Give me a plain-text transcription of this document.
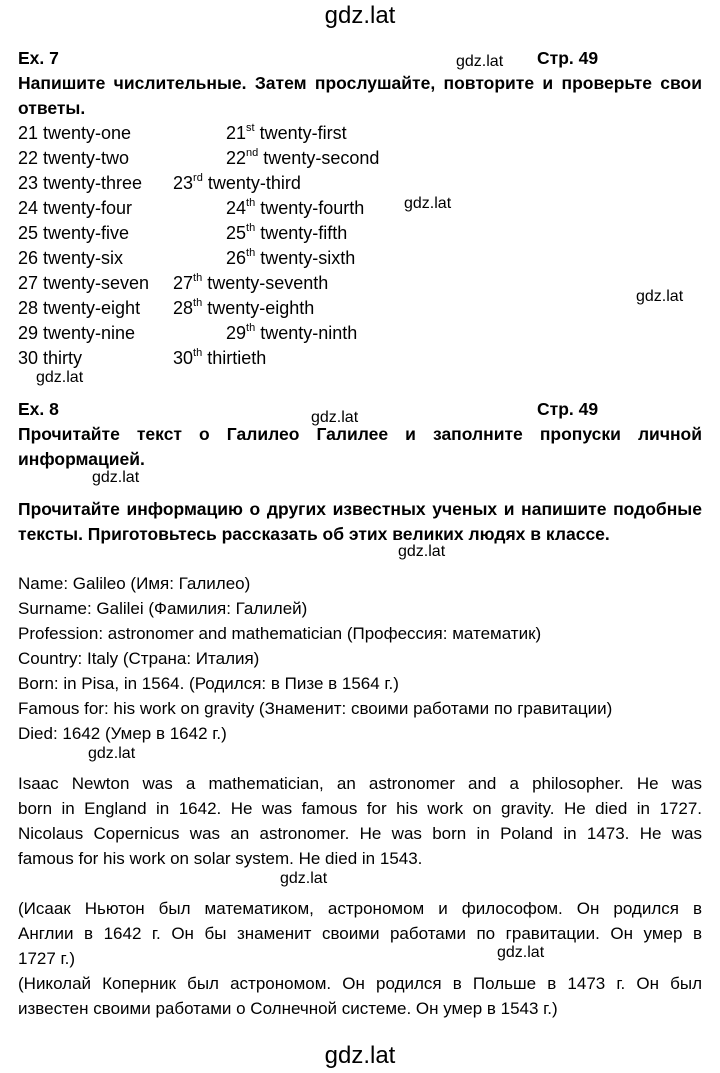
gdz.lat
Ex. 7	gdz.lat Стр. 49
Напишите числительные. Затем прослушайте, повторите и проверьте свои
ответы.
21 twenty-one	21st twenty-first
22 twenty-two	22nd twenty-second
23 twenty-three 23rd twenty-third
24 twenty-four	24th twenty-fourth
25 twenty-five	25th twenty-fifth
26 twenty-six	26th twenty-sixth
27 twenty-seven 27th twenty-seventh
28 twenty-eight 28th twenty-eighth
29 twenty-nine	29th twenty-ninth
30 thirty	30th thirtieth
gdz.lat
gdz.lat
gdz.lat
Ex. 8	gdz.lat	Стр. 49
Прочитайте текст о Галилео Галилее и заполните пропуски личной
информацией.
gdz.lat
Прочитайте информацию о других известных ученых и напишите подобные
тексты. Приготовьтесь рассказать об этих великих людях в классе.
gdz.lat
Name: Galileo (Имя: Галилео)
Surname: Galilei (Фамилия: Галилей)
Profession: astronomer and mathematician (Профессия: математик)
Country: Italy (Страна: Италия)
Born: in Pisa, in 1564. (Родился: в Пизе в 1564 г.)
Famous for: his work on gravity (Знаменит: своими работами по гравитации)
Died: 1642 (Умер в 1642 г.)
gdz.lat
Isaac Newton was a mathematician, an astronomer and a philosopher. He was
born in England in 1642. He was famous for his work on gravity. He died in 1727.
Nicolaus Copernicus was an astronomer. He was born in Poland in 1473. He was
famous for his work on solar system. He died in 1543.
gdz.lat
(Исаак Ньютон был математиком, астрономом и философом. Он родился в
Англии в 1642 г. Он бы знаменит своими работами по гравитации. Он умер в
1727 г.)
(Николай Коперник был астрономом. Он родился в Польше в 1473 г. Он был
известен своими работами о Солнечной системе. Он умер в 1543 г.)
gdz.lat
gdz.lat
